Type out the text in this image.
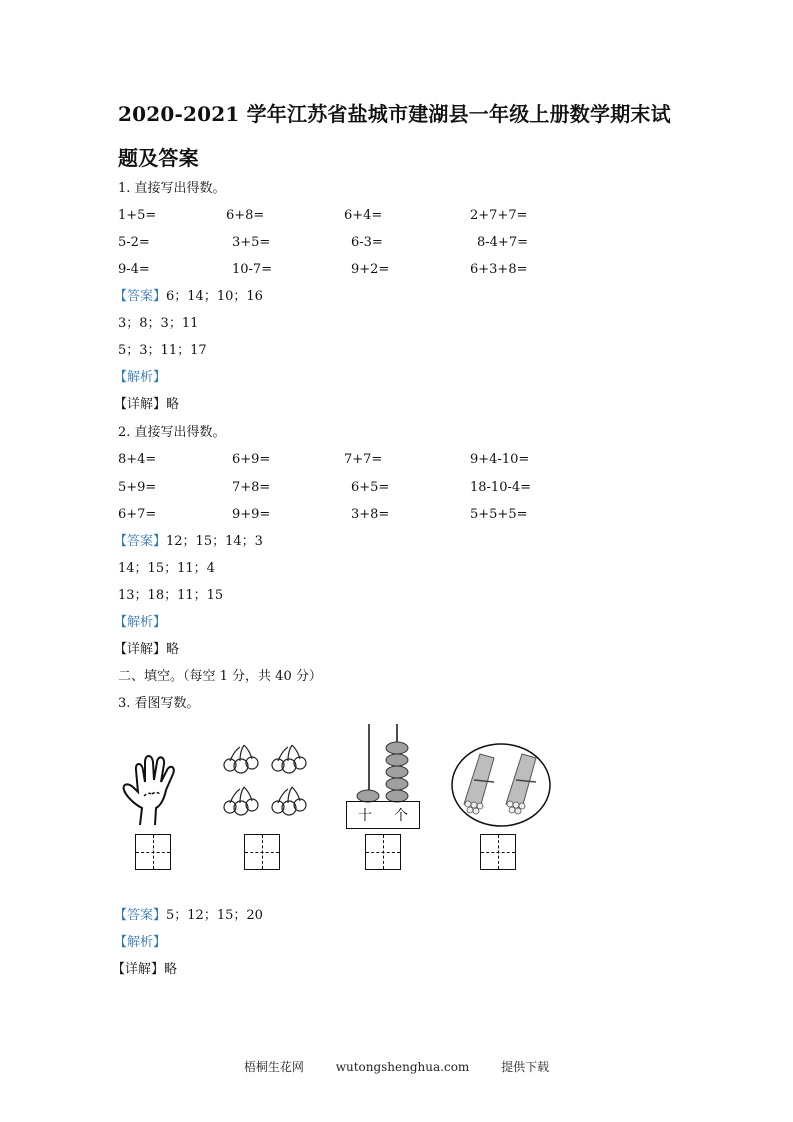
2020-2021 学年江苏省盐城市建湖县一年级上册数学期末试题及答案
1. 直接写出得数。
1+5=	6+8=	6+4=	2+7+7=
5-2=	3+5=	6-3=	8-4+7=
9-4=	10-7=	9+2=	6+3+8=
【答案】6；14；10；16
3；8；3；11
5；3；11；17
【解析】
【详解】略
2. 直接写出得数。
8+4=	6+9=	7+7=	9+4-10=
5+9=	7+8=	6+5=	18-10-4=
6+7=	9+9=	3+8=	5+5+5=
【答案】12；15；14；3
14；15；11；4
13；18；11；15
【解析】
【详解】略
二、填空。（每空 1 分，共 40 分）
3. 看图写数。
十 个
【答案】5；12；15；20
【解析】
【详解】略
梧桐生花网	wutongshenghua.com	提供下载
